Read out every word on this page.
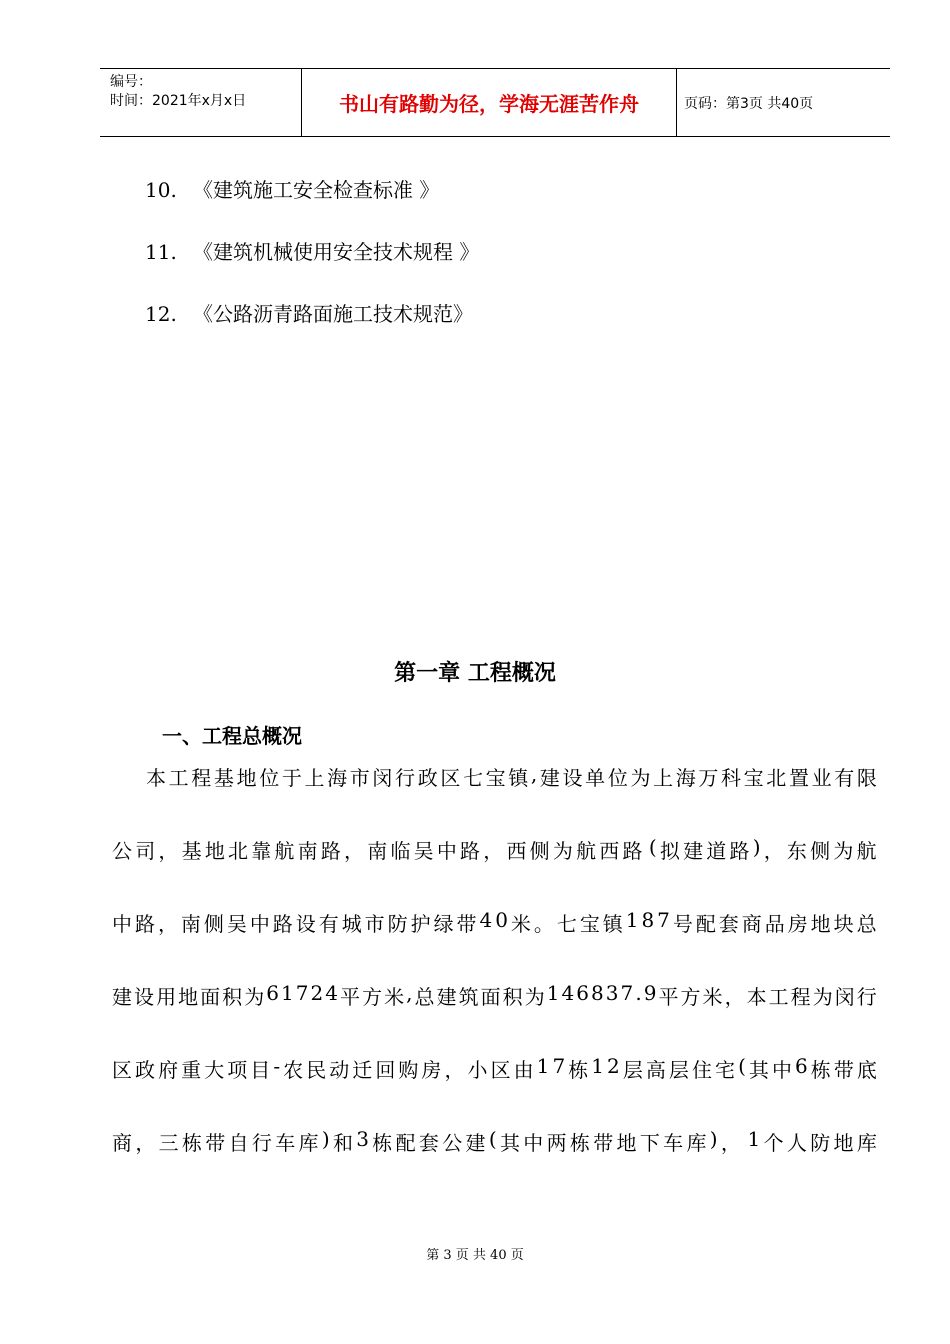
编号：
时间：2021年x月x日	书山有路勤为径，学海无涯苦作舟	页码：第3页 共40页
10. 《建筑施工安全检查标准 》
11. 《建筑机械使用安全技术规程 》
12. 《公路沥青路面施工技术规范》
第一章 工程概况
一、工程总概况
本 工 程 基 地 位 于 上 海 市 闵 行 政 区 七 宝 镇 , 建 设 单 位 为 上 海 万 科 宝 北 置 业 有 限
公 司 ， 基 地 北 靠 航 南 路 ， 南 临 吴 中 路 ， 西 侧 为 航 西 路 ( 拟 建 道 路 ) ， 东 侧 为 航
中 路 ， 南 侧 吴 中 路 设 有 城 市 防 护 绿 带 4 0 米 。 七 宝 镇 1 8 7 号 配 套 商 品 房 地 块 总
建 设 用 地 面 积 为 6 1 7 2 4 平 方 米 , 总 建 筑 面 积 为 1 4 6 8 3 7 . 9 平 方 米 ， 本 工 程 为 闵 行
区 政 府 重 大 项 目 - 农 民 动 迁 回 购 房 ， 小 区 由 1 7 栋 1 2 层 高 层 住 宅 ( 其 中 6 栋 带 底
商 ， 三 栋 带 自 行 车 库 ) 和 3 栋 配 套 公 建 ( 其 中 两 栋 带 地 下 车 库 ) ， 1 个 人 防 地 库
第 3 页 共 40 页
